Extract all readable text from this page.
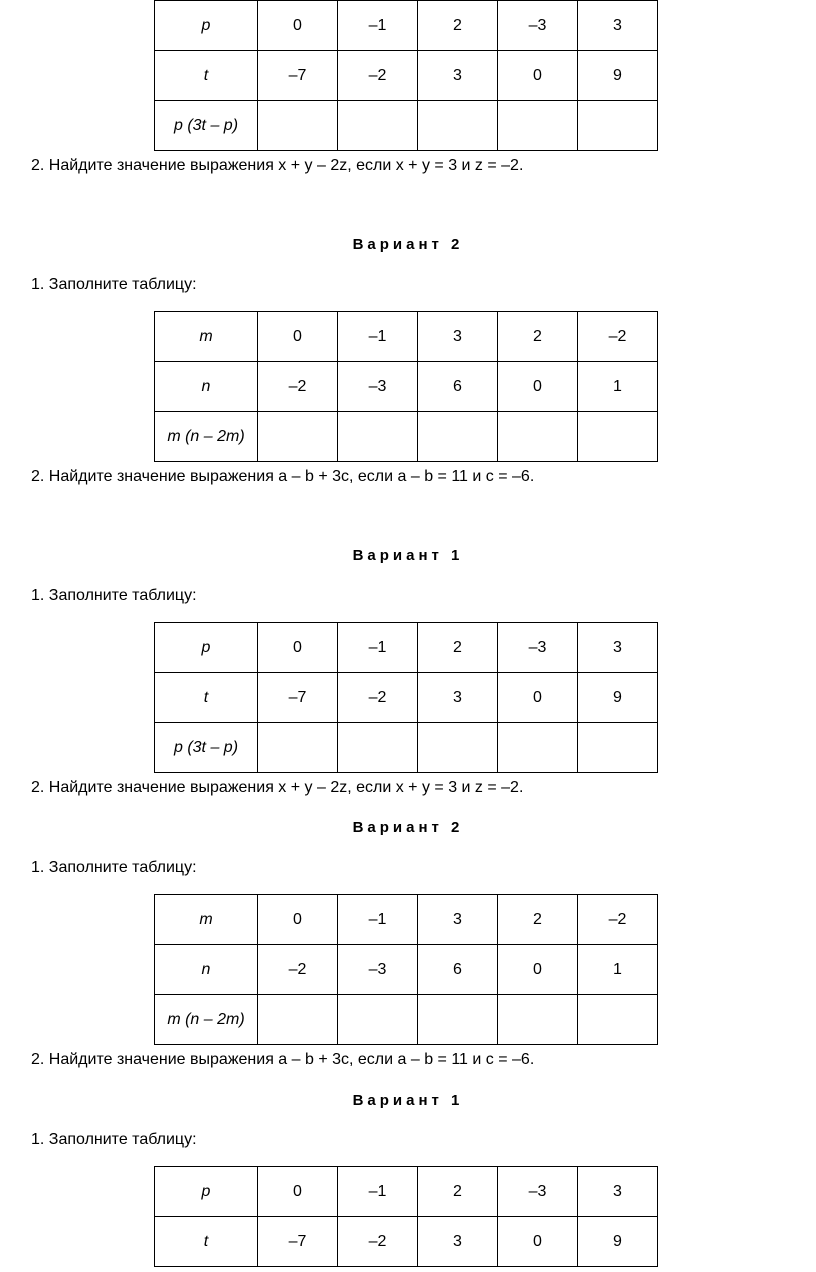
p	0	–1	2	–3	3
t	–7	–2	3	0	9
p (3t – p)					
2. Найдите значение выражения x + y – 2z, если x + y = 3 и z = –2.
Вариант 2
1. Заполните таблицу:
m	0	–1	3	2	–2
n	–2	–3	6	0	1
m (n – 2m)					
2. Найдите значение выражения a – b + 3c, если a – b = 11 и c = –6.
Вариант 1
1. Заполните таблицу:
p	0	–1	2	–3	3
t	–7	–2	3	0	9
p (3t – p)					
2. Найдите значение выражения x + y – 2z, если x + y = 3 и z = –2.
Вариант 2
1. Заполните таблицу:
m	0	–1	3	2	–2
n	–2	–3	6	0	1
m (n – 2m)					
2. Найдите значение выражения a – b + 3c, если a – b = 11 и c = –6.
Вариант 1
1. Заполните таблицу:
p	0	–1	2	–3	3
t	–7	–2	3	0	9
